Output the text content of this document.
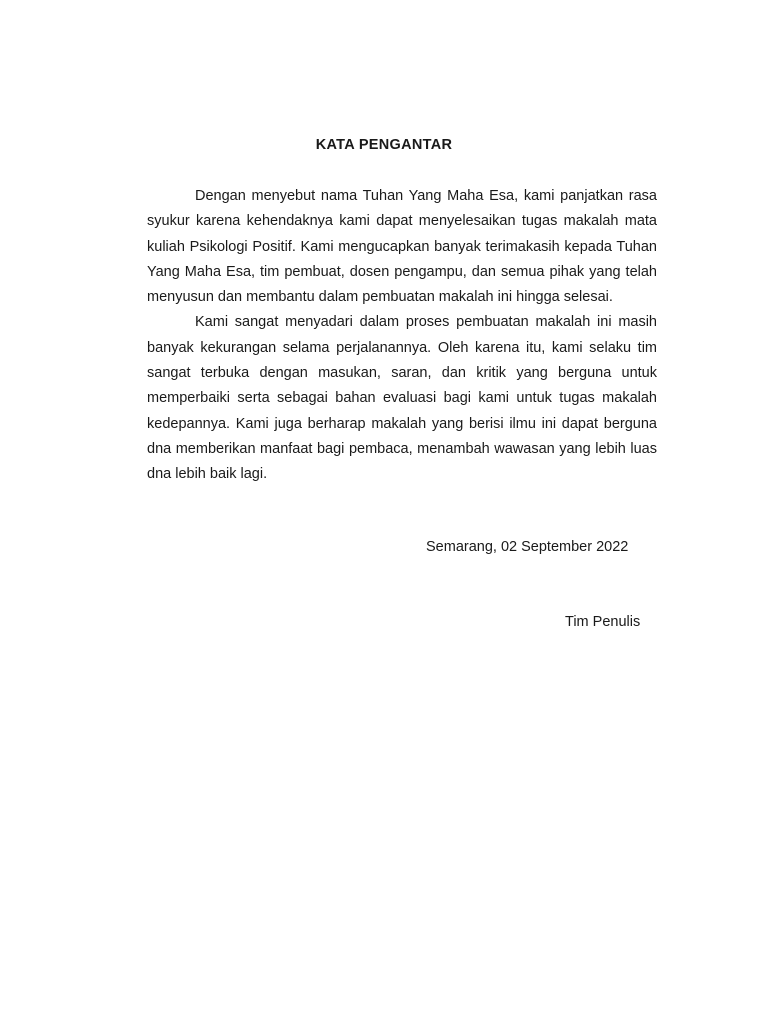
KATA PENGANTAR

Dengan menyebut nama Tuhan Yang Maha Esa, kami panjatkan rasa syukur karena kehendaknya kami dapat menyelesaikan tugas makalah mata kuliah Psikologi Positif. Kami mengucapkan banyak terimakasih kepada Tuhan Yang Maha Esa, tim pembuat, dosen pengampu, dan semua pihak yang telah menyusun dan membantu dalam pembuatan makalah ini hingga selesai.

Kami sangat menyadari dalam proses pembuatan makalah ini masih banyak kekurangan selama perjalanannya. Oleh karena itu, kami selaku tim sangat terbuka dengan masukan, saran, dan kritik yang berguna untuk memperbaiki serta sebagai bahan evaluasi bagi kami untuk tugas makalah kedepannya. Kami juga berharap makalah yang berisi ilmu ini dapat berguna dna memberikan manfaat bagi pembaca, menambah wawasan yang lebih luas dna lebih baik lagi.

Semarang, 02 September 2022
Tim Penulis
